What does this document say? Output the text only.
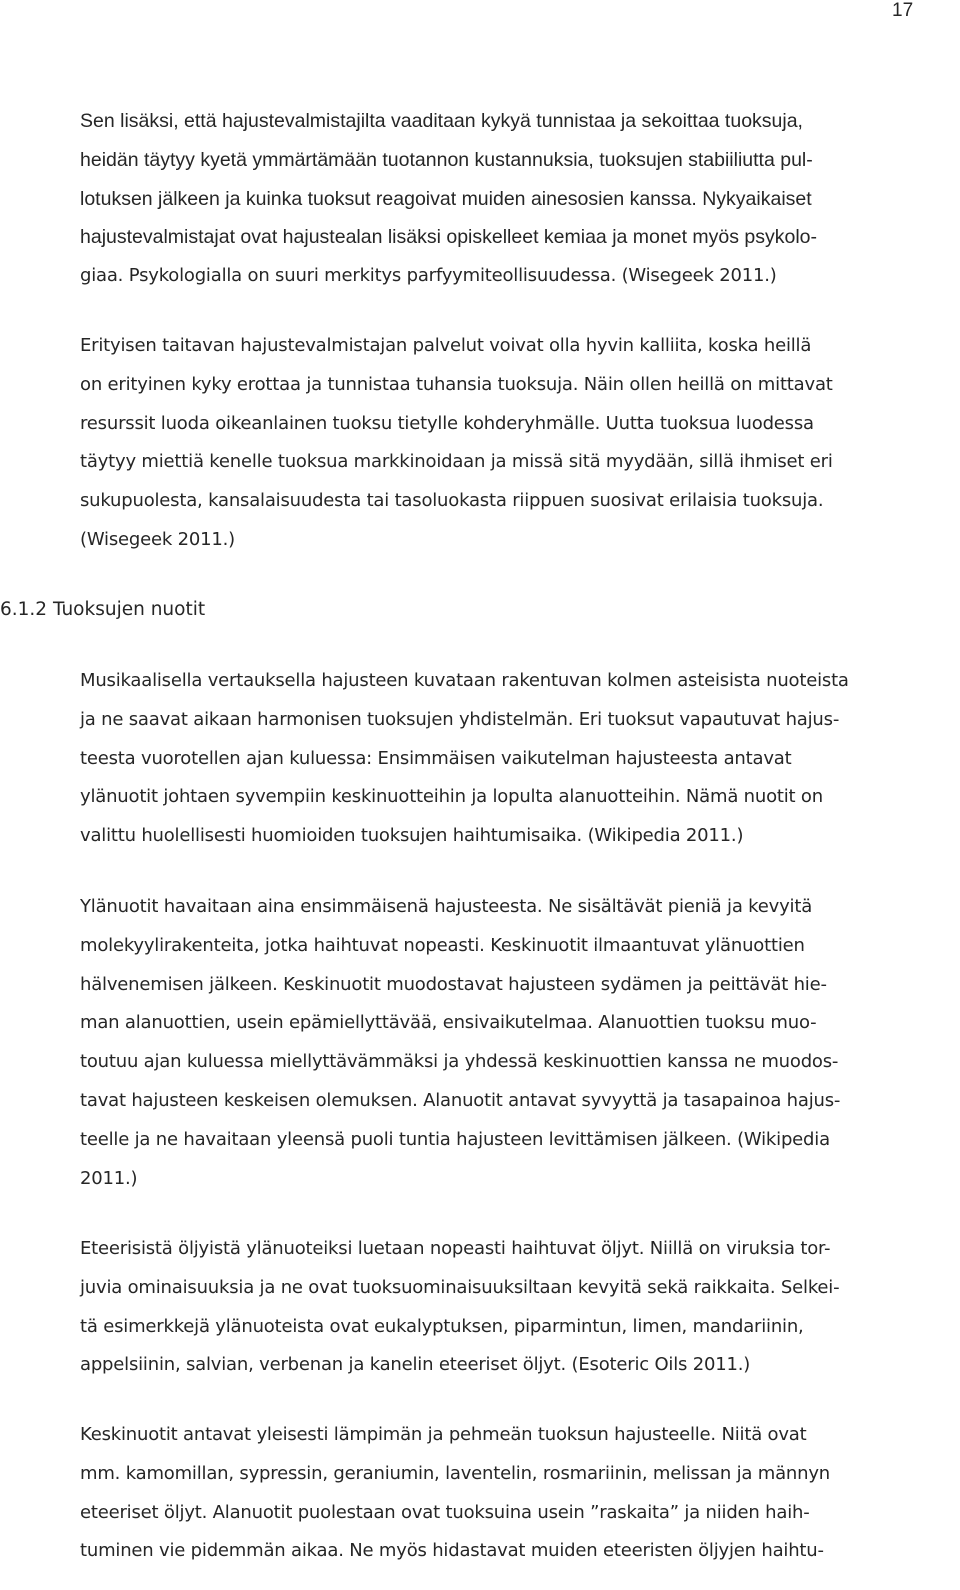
17
Sen lisäksi, että hajustevalmistajilta vaaditaan kykyä tunnistaa ja sekoittaa tuoksuja,
heidän täytyy kyetä ymmärtämään tuotannon kustannuksia, tuoksujen stabiiliutta pul-
lotuksen jälkeen ja kuinka tuoksut reagoivat muiden ainesosien kanssa. Nykyaikaiset
hajustevalmistajat ovat hajustealan lisäksi opiskelleet kemiaa ja monet myös psykolo-
giaa. Psykologialla on suuri merkitys parfyymiteollisuudessa. (Wisegeek 2011.)
Erityisen taitavan hajustevalmistajan palvelut voivat olla hyvin kalliita, koska heillä
on erityinen kyky erottaa ja tunnistaa tuhansia tuoksuja. Näin ollen heillä on mittavat
resurssit luoda oikeanlainen tuoksu tietylle kohderyhmälle. Uutta tuoksua luodessa
täytyy miettiä kenelle tuoksua markkinoidaan ja missä sitä myydään, sillä ihmiset eri
sukupuolesta, kansalaisuudesta tai tasoluokasta riippuen suosivat erilaisia tuoksuja.
(Wisegeek 2011.)
6.1.2 Tuoksujen nuotit
Musikaalisella vertauksella hajusteen kuvataan rakentuvan kolmen asteisista nuoteista
ja ne saavat aikaan harmonisen tuoksujen yhdistelmän. Eri tuoksut vapautuvat hajus-
teesta vuorotellen ajan kuluessa: Ensimmäisen vaikutelman hajusteesta antavat
ylänuotit johtaen syvempiin keskinuotteihin ja lopulta alanuotteihin. Nämä nuotit on
valittu huolellisesti huomioiden tuoksujen haihtumisaika. (Wikipedia 2011.)
Ylänuotit havaitaan aina ensimmäisenä hajusteesta. Ne sisältävät pieniä ja kevyitä
molekyylirakenteita, jotka haihtuvat nopeasti. Keskinuotit ilmaantuvat ylänuottien
hälvenemisen jälkeen. Keskinuotit muodostavat hajusteen sydämen ja peittävät hie-
man alanuottien, usein epämiellyttävää, ensivaikutelmaa. Alanuottien tuoksu muo-
toutuu ajan kuluessa miellyttävämmäksi ja yhdessä keskinuottien kanssa ne muodos-
tavat hajusteen keskeisen olemuksen. Alanuotit antavat syvyyttä ja tasapainoa hajus-
teelle ja ne havaitaan yleensä puoli tuntia hajusteen levittämisen jälkeen. (Wikipedia
2011.)
Eteerisistä öljyistä ylänuoteiksi luetaan nopeasti haihtuvat öljyt. Niillä on viruksia tor-
juvia ominaisuuksia ja ne ovat tuoksuominaisuuksiltaan kevyitä sekä raikkaita. Selkei-
tä esimerkkejä ylänuoteista ovat eukalyptuksen, piparmintun, limen, mandariinin,
appelsiinin, salvian, verbenan ja kanelin eteeriset öljyt. (Esoteric Oils 2011.)
Keskinuotit antavat yleisesti lämpimän ja pehmeän tuoksun hajusteelle. Niitä ovat
mm. kamomillan, sypressin, geraniumin, laventelin, rosmariinin, melissan ja männyn
eteeriset öljyt. Alanuotit puolestaan ovat tuoksuina usein ”raskaita” ja niiden haih-
tuminen vie pidemmän aikaa. Ne myös hidastavat muiden eteeristen öljyjen haihtu-
